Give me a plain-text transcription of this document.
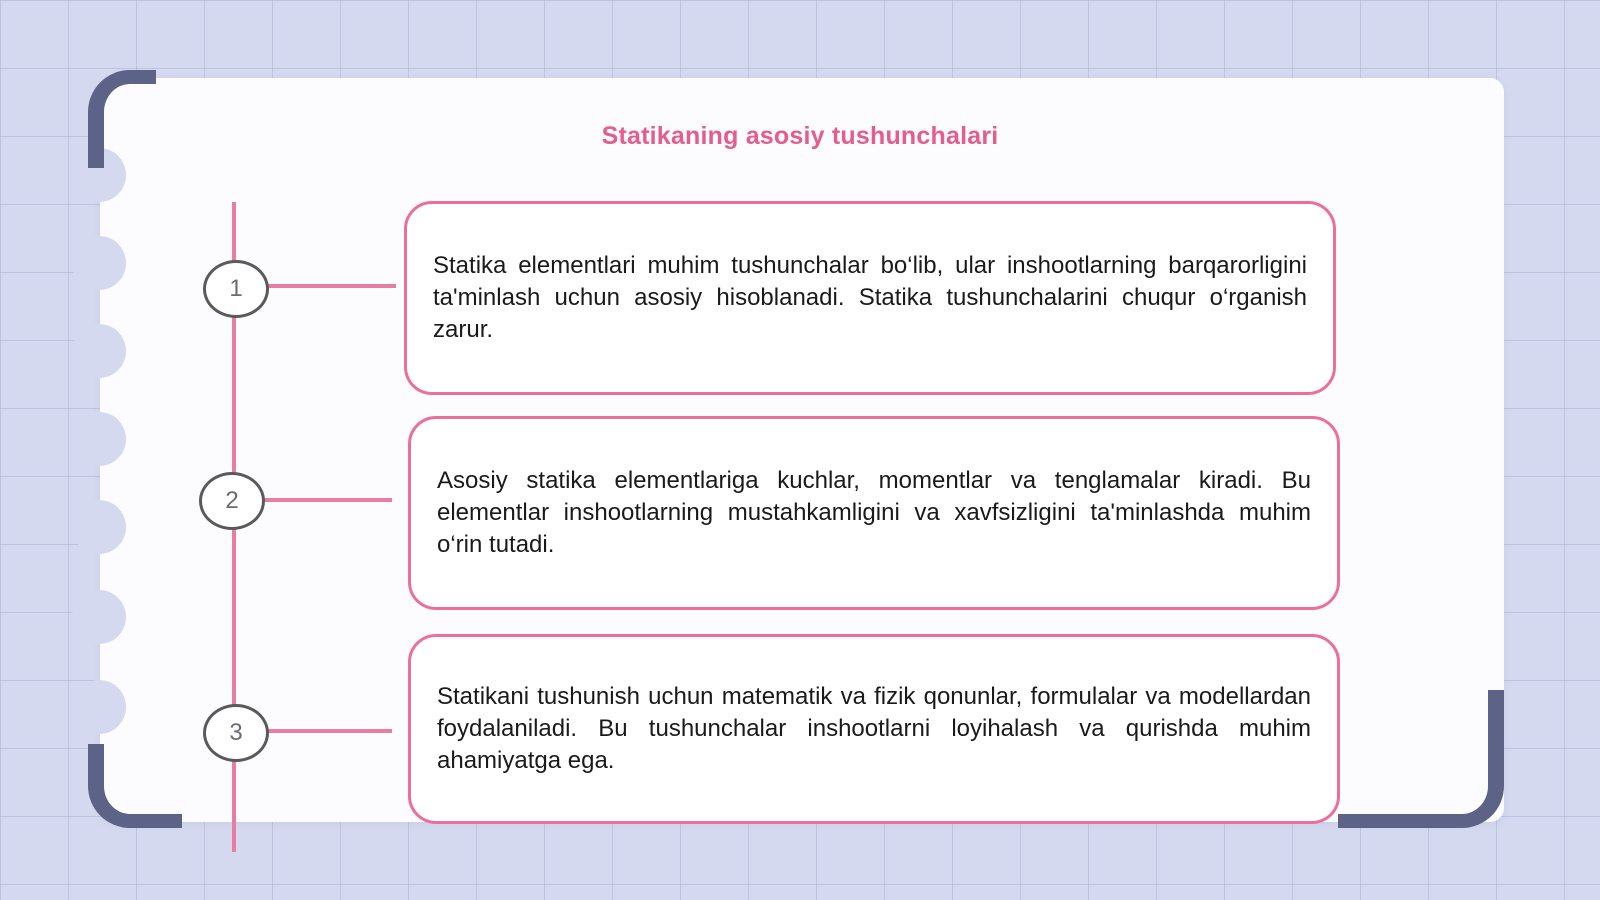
Statikaning asosiy tushunchalari
1
2
3

Statika elementlari muhim tushunchalar bo‘lib, ular inshootlarning barqarorligini ta'minlash uchun asosiy hisoblanadi. Statika tushunchalarini chuqur o‘rganish zarur.

Asosiy statika elementlariga kuchlar, momentlar va tenglamalar kiradi. Bu elementlar inshootlarning mustahkamligini va xavfsizligini ta'minlashda muhim o‘rin tutadi.

Statikani tushunish uchun matematik va fizik qonunlar, formulalar va modellardan foydalaniladi. Bu tushunchalar inshootlarni loyihalash va qurishda muhim ahamiyatga ega.
